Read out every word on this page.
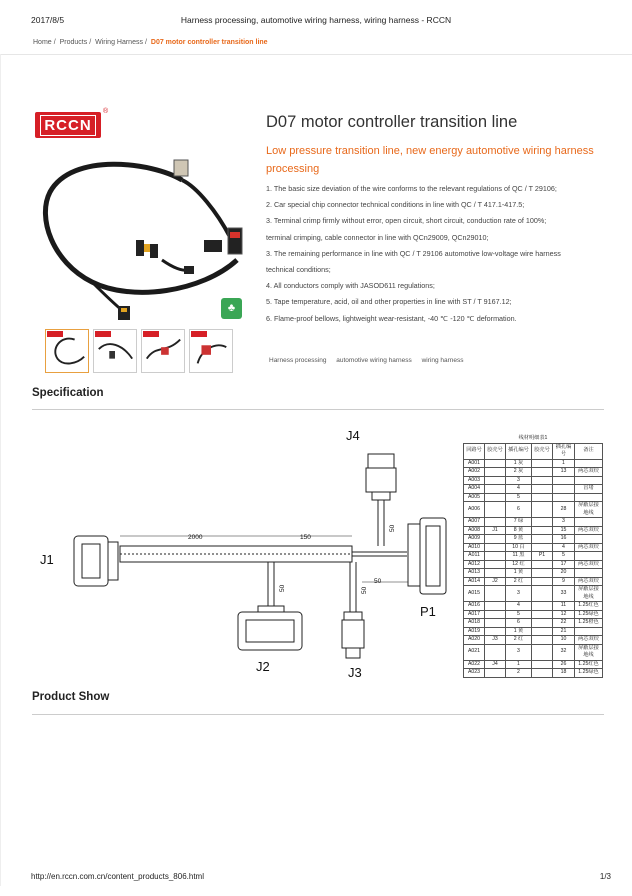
2017/8/5	Harness processing, automotive wiring harness, wiring harness - RCCN
Home / Products / Wiring Harness / D07 motor controller transition line
RCCN
®
♣
D07 motor controller transition line
Low pressure transition line, new energy automotive wiring harness processing

1. The basic size deviation of the wire conforms to the relevant regulations of QC / T 29106;

2. Car special chip connector technical conditions in line with QC / T 417.1-417.5;

3. Terminal crimp firmly without error, open circuit, short circuit, conduction rate of 100%;

terminal crimping, cable connector in line with QCn29009, QCn29010;

3. The remaining performance in line with QC / T 29106 automotive low-voltage wire harness

technical conditions;

4. All conductors comply with JASOD611 regulations;

5. Tape temperature, acid, oil and other properties in line with ST / T 9167.12;

6. Flame-proof bellows, lightweight wear-resistant, -40 ℃ -120 ℃ deformation.

Harness processing automotive wiring harness wiring harness
Specification
J1
J2	J3
J4
P1
2000	150
50
50
50	50
线材明细表1					
回路号	胶壳号	插孔编号	胶壳号	插孔编号	备注
A001		1 灰		1	
A002		2 灰		13	两芯双绞
A003		3			
A004		4			盲堵
A005		5			
A006		6		28	屏蔽层接地线
A007		7 绿		3	
A008	J1	8 黄		15	两芯双绞
A009		9 蓝		16	
A010		10 白		4	两芯双绞
A011		11 黑	P1	5	
A012		12 红		17	两芯双绞
A013		1 黄		20	
A014	J2	2 红		9	两芯双绞
A015		3		33	屏蔽层接地线
A016		4		11	1.25红色
A017		5		12	1.25绿色
A018		6		22	1.25橙色
A019		1 黄		21	
A020	J3	2 红		10	两芯双绞
A021		3		32	屏蔽层接地线
A022	J4	1		26	1.25红色
A023		2		18	1.25绿色
Product Show
http://en.rccn.com.cn/content_products_806.html	1/3
